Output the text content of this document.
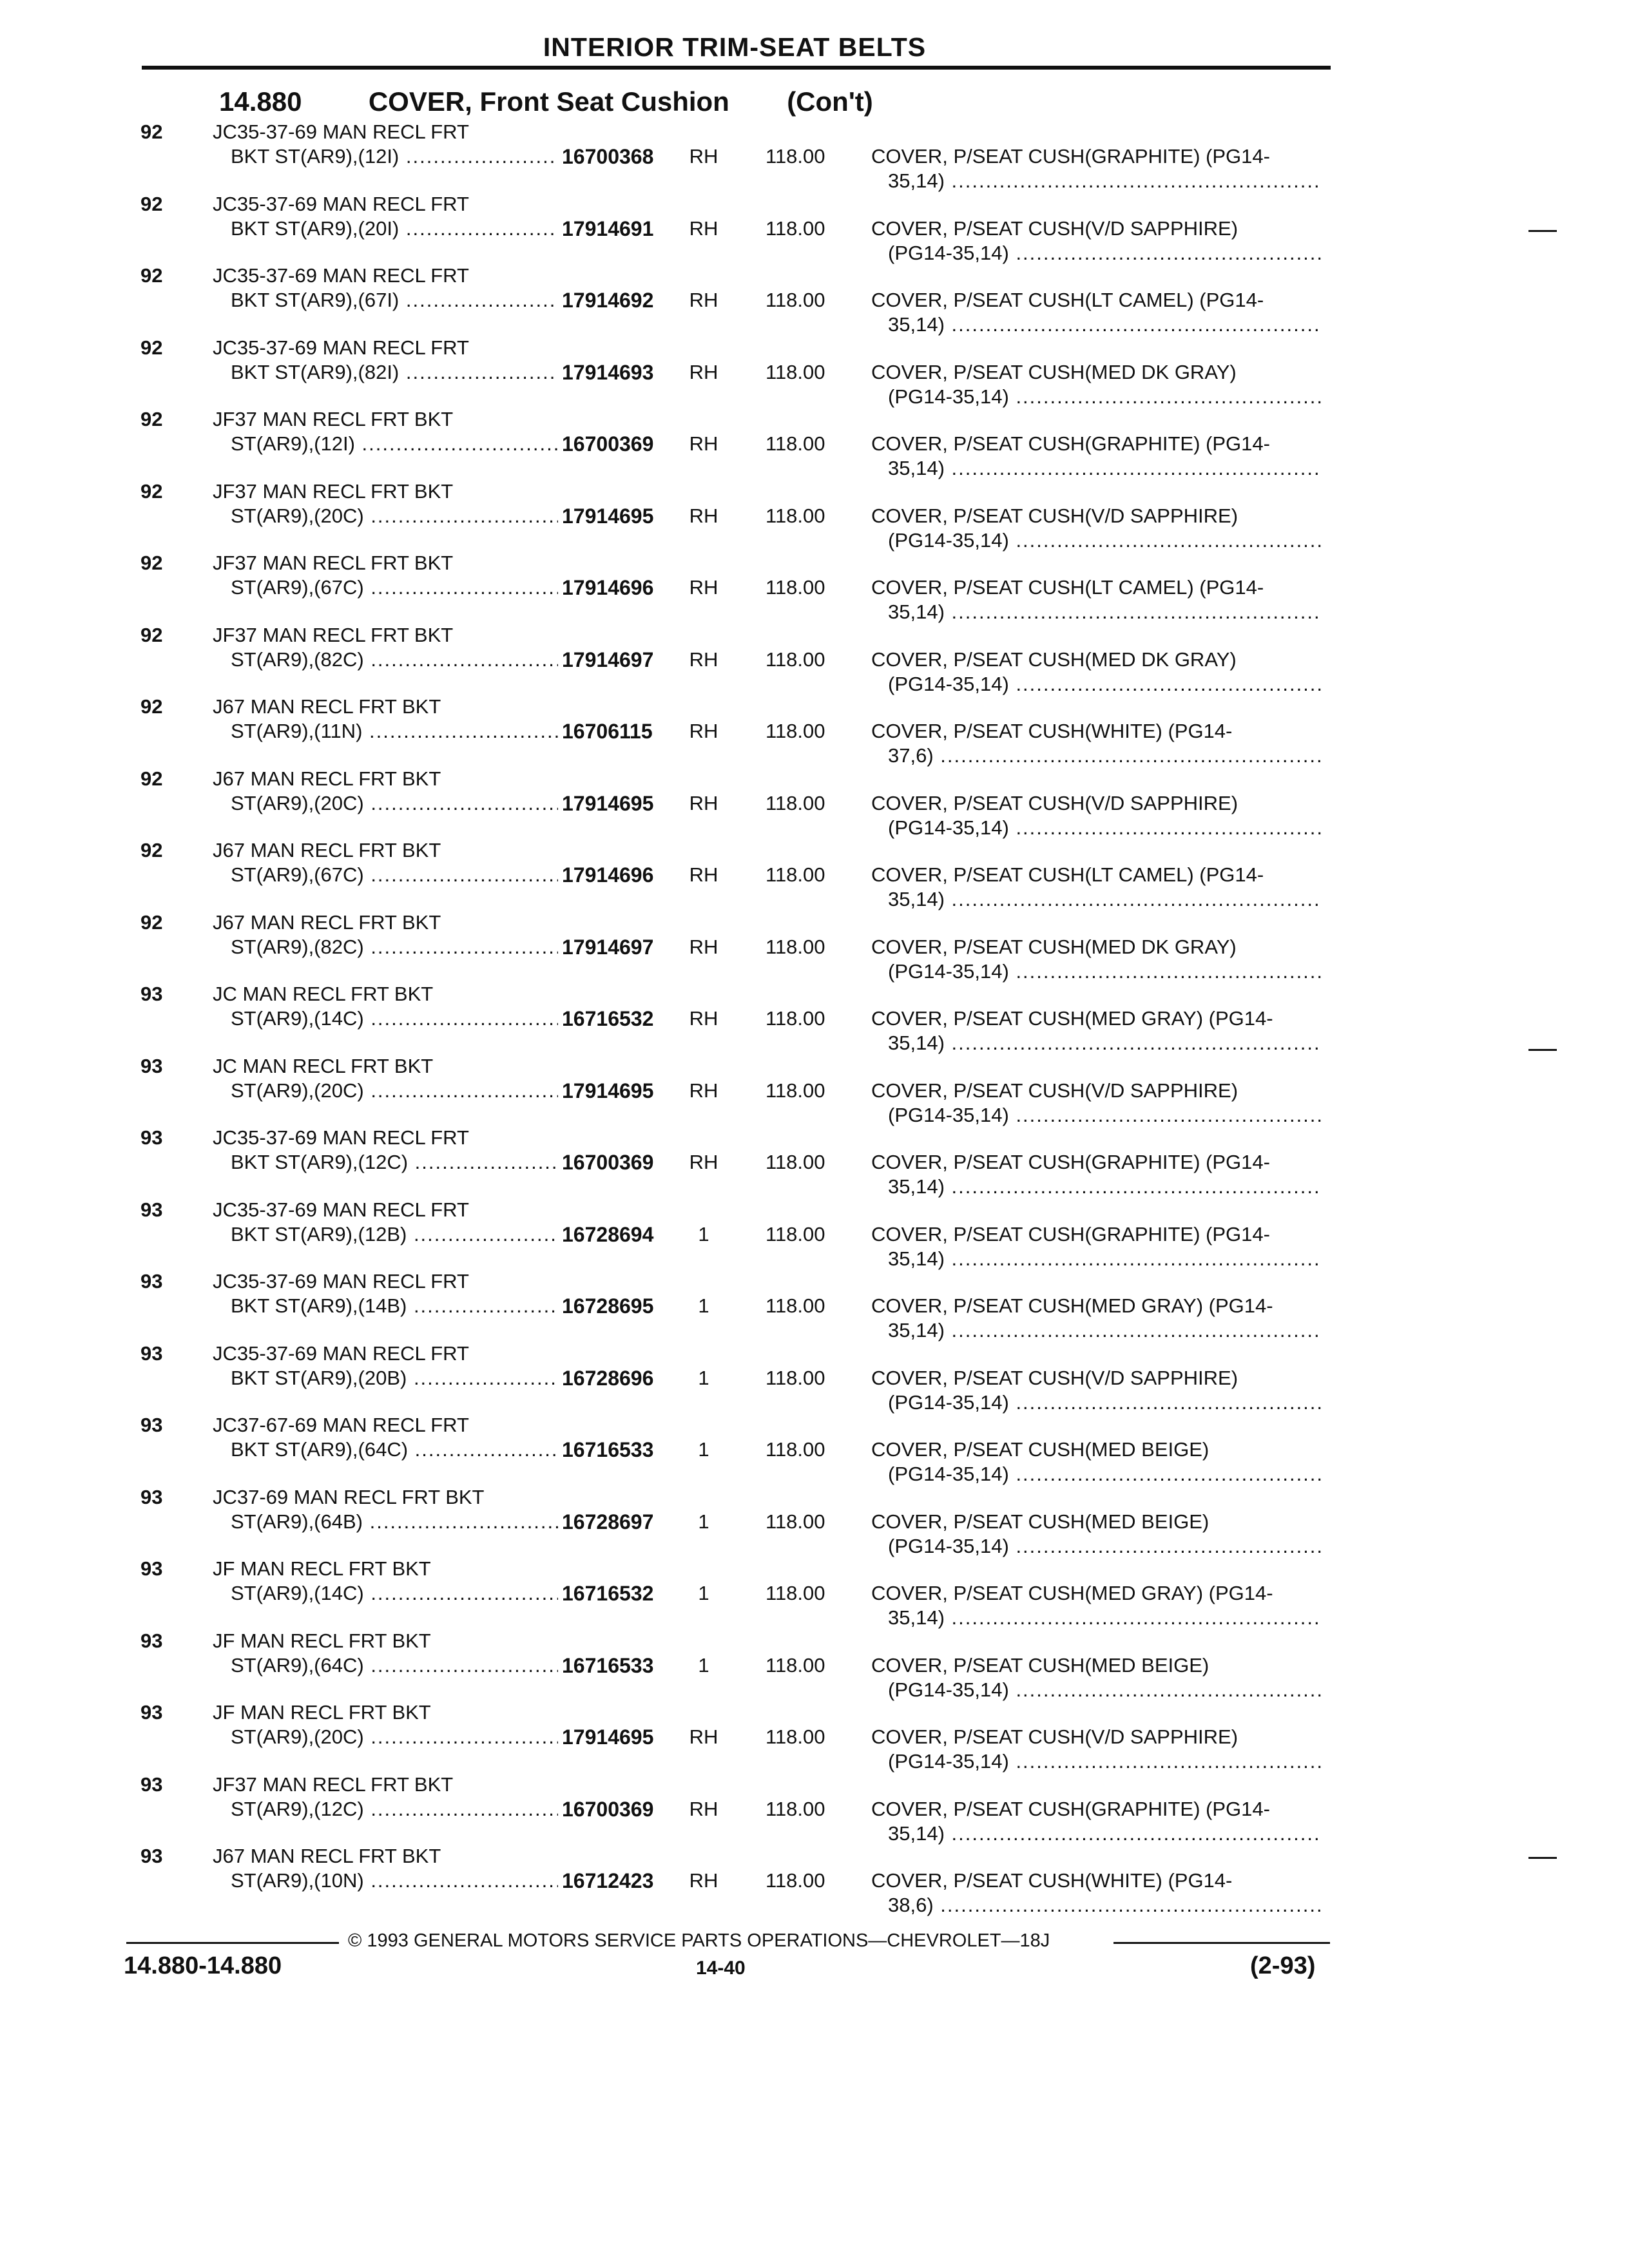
INTERIOR TRIM-SEAT BELTS
14.880 COVER, Front Seat Cushion (Con't)
92	JC35-37-69 MAN RECL FRT
BKT ST(AR9),(12I) .....	16700368 RH 118.00 COVER, P/SEAT CUSH(GRAPHITE) (PG14-
35,14) .....
92	JC35-37-69 MAN RECL FRT
BKT ST(AR9),(20I) .....	17914691 RH 118.00 COVER, P/SEAT CUSH(V/D SAPPHIRE)
(PG14-35,14) .....
92	JC35-37-69 MAN RECL FRT
BKT ST(AR9),(67I) .....	17914692 RH 118.00 COVER, P/SEAT CUSH(LT CAMEL) (PG14-
35,14) .....
92	JC35-37-69 MAN RECL FRT
BKT ST(AR9),(82I) .....	17914693 RH 118.00 COVER, P/SEAT CUSH(MED DK GRAY)
(PG14-35,14) .....
92	JF37 MAN RECL FRT BKT
ST(AR9),(12I) .....	16700369 RH 118.00 COVER, P/SEAT CUSH(GRAPHITE) (PG14-
35,14) .....
92	JF37 MAN RECL FRT BKT
ST(AR9),(20C) .....	17914695 RH 118.00 COVER, P/SEAT CUSH(V/D SAPPHIRE)
(PG14-35,14) .....
92	JF37 MAN RECL FRT BKT
ST(AR9),(67C) .....	17914696 RH 118.00 COVER, P/SEAT CUSH(LT CAMEL) (PG14-
35,14) .....
92	JF37 MAN RECL FRT BKT
ST(AR9),(82C) .....	17914697 RH 118.00 COVER, P/SEAT CUSH(MED DK GRAY)
(PG14-35,14) .....
92	J67 MAN RECL FRT BKT
ST(AR9),(11N) .....	16706115 RH 118.00 COVER, P/SEAT CUSH(WHITE) (PG14-
37,6) .....
92	J67 MAN RECL FRT BKT
ST(AR9),(20C) .....	17914695 RH 118.00 COVER, P/SEAT CUSH(V/D SAPPHIRE)
(PG14-35,14) .....
92	J67 MAN RECL FRT BKT
ST(AR9),(67C) .....	17914696 RH 118.00 COVER, P/SEAT CUSH(LT CAMEL) (PG14-
35,14) .....
92	J67 MAN RECL FRT BKT
ST(AR9),(82C) .....	17914697 RH 118.00 COVER, P/SEAT CUSH(MED DK GRAY)
(PG14-35,14) .....
93	JC MAN RECL FRT BKT
ST(AR9),(14C) .....	16716532 RH 118.00 COVER, P/SEAT CUSH(MED GRAY) (PG14-
35,14) .....
93	JC MAN RECL FRT BKT
ST(AR9),(20C) .....	17914695 RH 118.00 COVER, P/SEAT CUSH(V/D SAPPHIRE)
(PG14-35,14) .....
93	JC35-37-69 MAN RECL FRT
BKT ST(AR9),(12C) .....	16700369 RH 118.00 COVER, P/SEAT CUSH(GRAPHITE) (PG14-
35,14) .....
93	JC35-37-69 MAN RECL FRT
BKT ST(AR9),(12B) .....	16728694	1	118.00 COVER, P/SEAT CUSH(GRAPHITE) (PG14-
35,14) .....
93	JC35-37-69 MAN RECL FRT
BKT ST(AR9),(14B) .....	16728695	1	118.00 COVER, P/SEAT CUSH(MED GRAY) (PG14-
35,14) .....
93	JC35-37-69 MAN RECL FRT
BKT ST(AR9),(20B) .....	16728696	1	118.00 COVER, P/SEAT CUSH(V/D SAPPHIRE)
(PG14-35,14) .....
93	JC37-67-69 MAN RECL FRT
BKT ST(AR9),(64C) .....	16716533	1	118.00 COVER, P/SEAT CUSH(MED BEIGE)
(PG14-35,14) .....
93	JC37-69 MAN RECL FRT BKT
ST(AR9),(64B) .....	16728697	1	118.00 COVER, P/SEAT CUSH(MED BEIGE)
(PG14-35,14) .....
93	JF MAN RECL FRT BKT
ST(AR9),(14C) .....	16716532	1	118.00 COVER, P/SEAT CUSH(MED GRAY) (PG14-
35,14) .....
93	JF MAN RECL FRT BKT
ST(AR9),(64C) .....	16716533	1	118.00 COVER, P/SEAT CUSH(MED BEIGE)
(PG14-35,14) .....
93	JF MAN RECL FRT BKT
ST(AR9),(20C) .....	17914695 RH 118.00 COVER, P/SEAT CUSH(V/D SAPPHIRE)
(PG14-35,14) .....
93	JF37 MAN RECL FRT BKT
ST(AR9),(12C) .....	16700369 RH 118.00 COVER, P/SEAT CUSH(GRAPHITE) (PG14-
35,14) .....
93	J67 MAN RECL FRT BKT
ST(AR9),(10N) .....	16712423 RH 118.00 COVER, P/SEAT CUSH(WHITE) (PG14-
38,6) .....
© 1993 GENERAL MOTORS SERVICE PARTS OPERATIONS—CHEVROLET—18J
14.880-14.880	14-40	(2-93)
